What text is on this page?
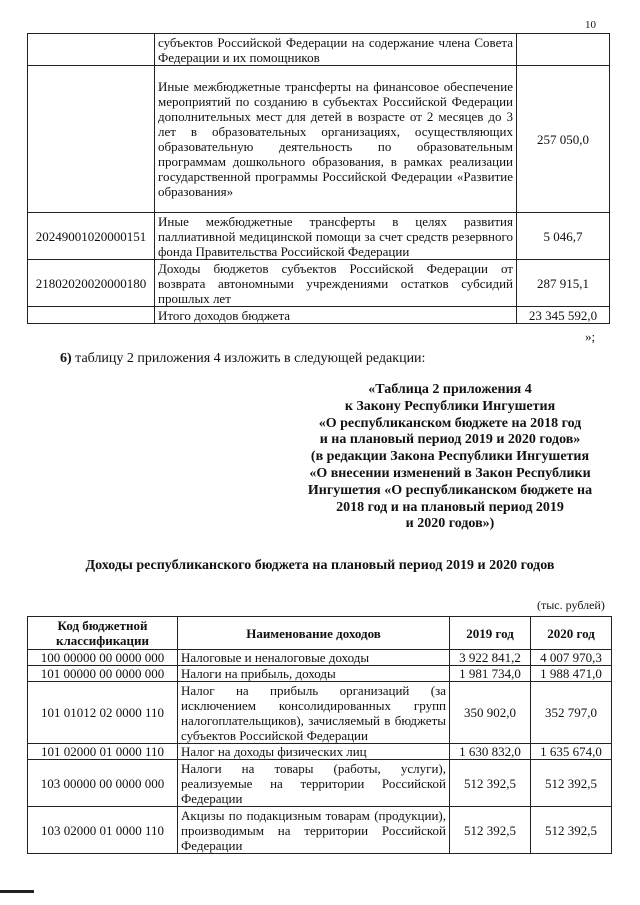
10
	субъектов Российской Федерации на содержание члена Совета Федерации и их помощников	
	Иные межбюджетные трансферты на финансовое обеспечение мероприятий по созданию в субъектах Российской Федерации дополнительных мест для детей в возрасте от 2 месяцев до 3 лет в образовательных организациях, осуществляющих образовательную деятельность по образовательным программам дошкольного образования, в рамках реализации государственной программы Российской Федерации «Развитие образования»	257 050,0
20249001020000151	Иные межбюджетные трансферты в целях развития паллиативной медицинской помощи за счет средств резервного фонда Правительства Российской Федерации	5 046,7
21802020020000180	Доходы бюджетов субъектов Российской Федерации от возврата автономными учреждениями остатков субсидий прошлых лет	287 915,1
	Итого доходов бюджета	23 345 592,0
»;
6) таблицу 2 приложения 4 изложить в следующей редакции:
«Таблица 2 приложения 4
к Закону Республики Ингушетия
«О республиканском бюджете на 2018 год
и на плановый период 2019 и 2020 годов»
(в редакции Закона Республики Ингушетия
«О внесении изменений в Закон Республики
Ингушетия «О республиканском бюджете на
2018 год и на плановый период 2019
и 2020 годов»)
Доходы республиканского бюджета на плановый период 2019 и 2020 годов
(тыс. рублей)
Код бюджетной классификации	Наименование доходов	2019 год	2020 год
100 00000 00 0000 000	Налоговые и неналоговые доходы	3 922 841,2	4 007 970,3
101 00000 00 0000 000	Налоги на прибыль, доходы	1 981 734,0	1 988 471,0
101 01012 02 0000 110	Налог на прибыль организаций (за исключением консолидированных групп налогоплательщиков), зачисляемый в бюджеты субъектов Российской Федерации	350 902,0	352 797,0
101 02000 01 0000 110	Налог на доходы физических лиц	1 630 832,0	1 635 674,0
103 00000 00 0000 000	Налоги на товары (работы, услуги), реализуемые на территории Российской Федерации	512 392,5	512 392,5
103 02000 01 0000 110	Акцизы по подакцизным товарам (продукции), производимым на территории Российской Федерации	512 392,5	512 392,5
